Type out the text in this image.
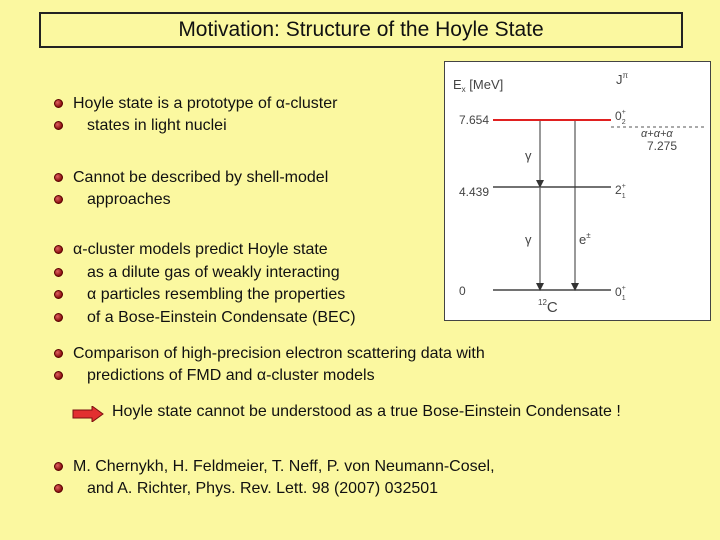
Motivation: Structure of the Hoyle State
Hoyle state is a prototype of α-cluster
states in light nuclei
Cannot be described by shell-model
approaches
α-cluster models predict Hoyle state
as a dilute gas of weakly interacting
α particles resembling the properties
of a Bose-Einstein Condensate (BEC)
Comparison of high-precision electron scattering data with
predictions of FMD and α-cluster models
Hoyle state cannot be understood as a true Bose-Einstein Condensate !
M. Chernykh, H. Feldmeier, T. Neff, P. von Neumann-Cosel,
and A. Richter, Phys. Rev. Lett. 98 (2007) 032501
$E_x$ [MeV]	$J^\pi$
7.654	0+ 2
α+α+α
7.275
4.439	2+ 1
0	0+ 1
γ
γ	e±
$^{12}$C
